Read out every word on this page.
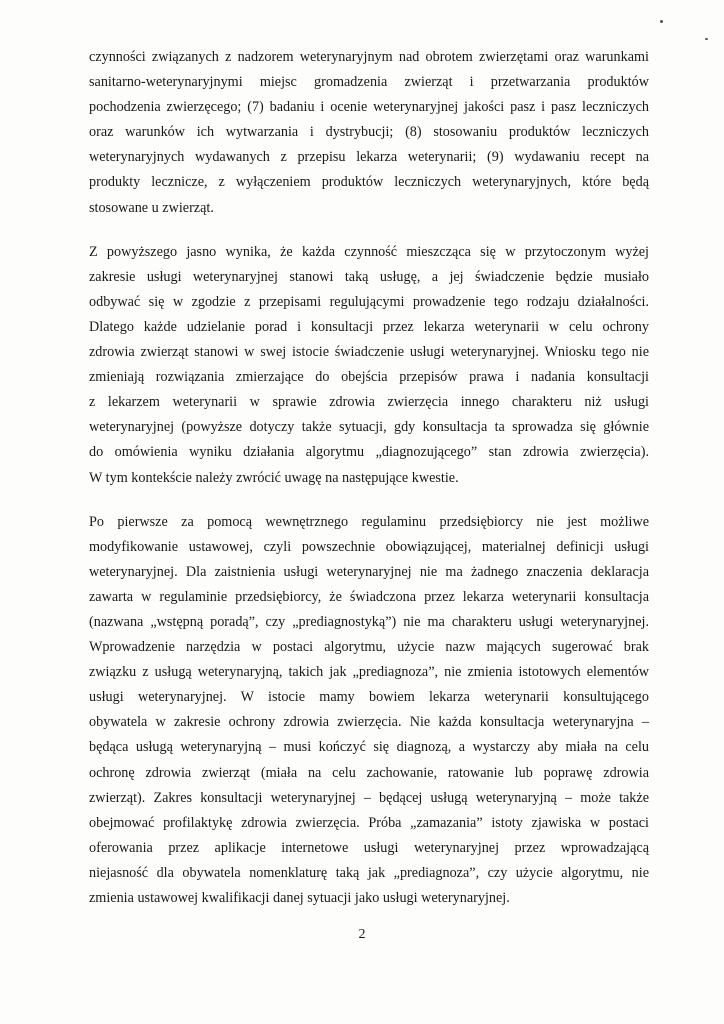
czynności związanych z nadzorem weterynaryjnym nad obrotem zwierzętami oraz warunkami
sanitarno-weterynaryjnymi miejsc gromadzenia zwierząt i przetwarzania produktów
pochodzenia zwierzęcego; (7) badaniu i ocenie weterynaryjnej jakości pasz i pasz leczniczych
oraz warunków ich wytwarzania i dystrybucji; (8) stosowaniu produktów leczniczych
weterynaryjnych wydawanych z przepisu lekarza weterynarii; (9) wydawaniu recept na
produkty lecznicze, z wyłączeniem produktów leczniczych weterynaryjnych, które będą
stosowane u zwierząt.
Z powyższego jasno wynika, że każda czynność mieszcząca się w przytoczonym wyżej
zakresie usługi weterynaryjnej stanowi taką usługę, a jej świadczenie będzie musiało
odbywać się w zgodzie z przepisami regulującymi prowadzenie tego rodzaju działalności.
Dlatego każde udzielanie porad i konsultacji przez lekarza weterynarii w celu ochrony
zdrowia zwierząt stanowi w swej istocie świadczenie usługi weterynaryjnej. Wniosku tego nie
zmieniają rozwiązania zmierzające do obejścia przepisów prawa i nadania konsultacji
z lekarzem weterynarii w sprawie zdrowia zwierzęcia innego charakteru niż usługi
weterynaryjnej (powyższe dotyczy także sytuacji, gdy konsultacja ta sprowadza się głównie
do omówienia wyniku działania algorytmu „diagnozującego” stan zdrowia zwierzęcia).
W tym kontekście należy zwrócić uwagę na następujące kwestie.
Po pierwsze za pomocą wewnętrznego regulaminu przedsiębiorcy nie jest możliwe
modyfikowanie ustawowej, czyli powszechnie obowiązującej, materialnej definicji usługi
weterynaryjnej. Dla zaistnienia usługi weterynaryjnej nie ma żadnego znaczenia deklaracja
zawarta w regulaminie przedsiębiorcy, że świadczona przez lekarza weterynarii konsultacja
(nazwana „wstępną poradą”, czy „prediagnostyką”) nie ma charakteru usługi weterynaryjnej.
Wprowadzenie narzędzia w postaci algorytmu, użycie nazw mających sugerować brak
związku z usługą weterynaryjną, takich jak „prediagnoza”, nie zmienia istotowych elementów
usługi weterynaryjnej. W istocie mamy bowiem lekarza weterynarii konsultującego
obywatela w zakresie ochrony zdrowia zwierzęcia. Nie każda konsultacja weterynaryjna –
będąca usługą weterynaryjną – musi kończyć się diagnozą, a wystarczy aby miała na celu
ochronę zdrowia zwierząt (miała na celu zachowanie, ratowanie lub poprawę zdrowia
zwierząt). Zakres konsultacji weterynaryjnej – będącej usługą weterynaryjną – może także
obejmować profilaktykę zdrowia zwierzęcia. Próba „zamazania” istoty zjawiska w postaci
oferowania przez aplikacje internetowe usługi weterynaryjnej przez wprowadzającą
niejasność dla obywatela nomenklaturę taką jak „prediagnoza”, czy użycie algorytmu, nie
zmienia ustawowej kwalifikacji danej sytuacji jako usługi weterynaryjnej.
2
